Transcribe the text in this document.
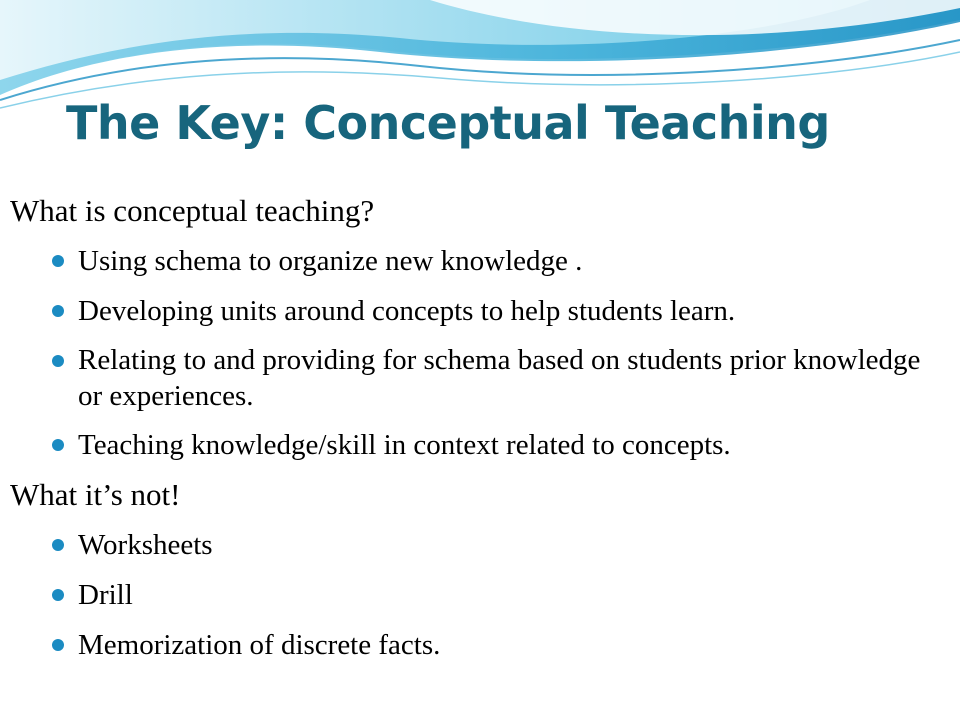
The Key: Conceptual Teaching
What is conceptual teaching?
Using schema to organize new knowledge .
Developing units around concepts to help students learn.
Relating to and providing for schema based on students prior knowledge or experiences.
Teaching knowledge/skill in context related to concepts.
What it’s not!
Worksheets
Drill
Memorization of discrete facts.
